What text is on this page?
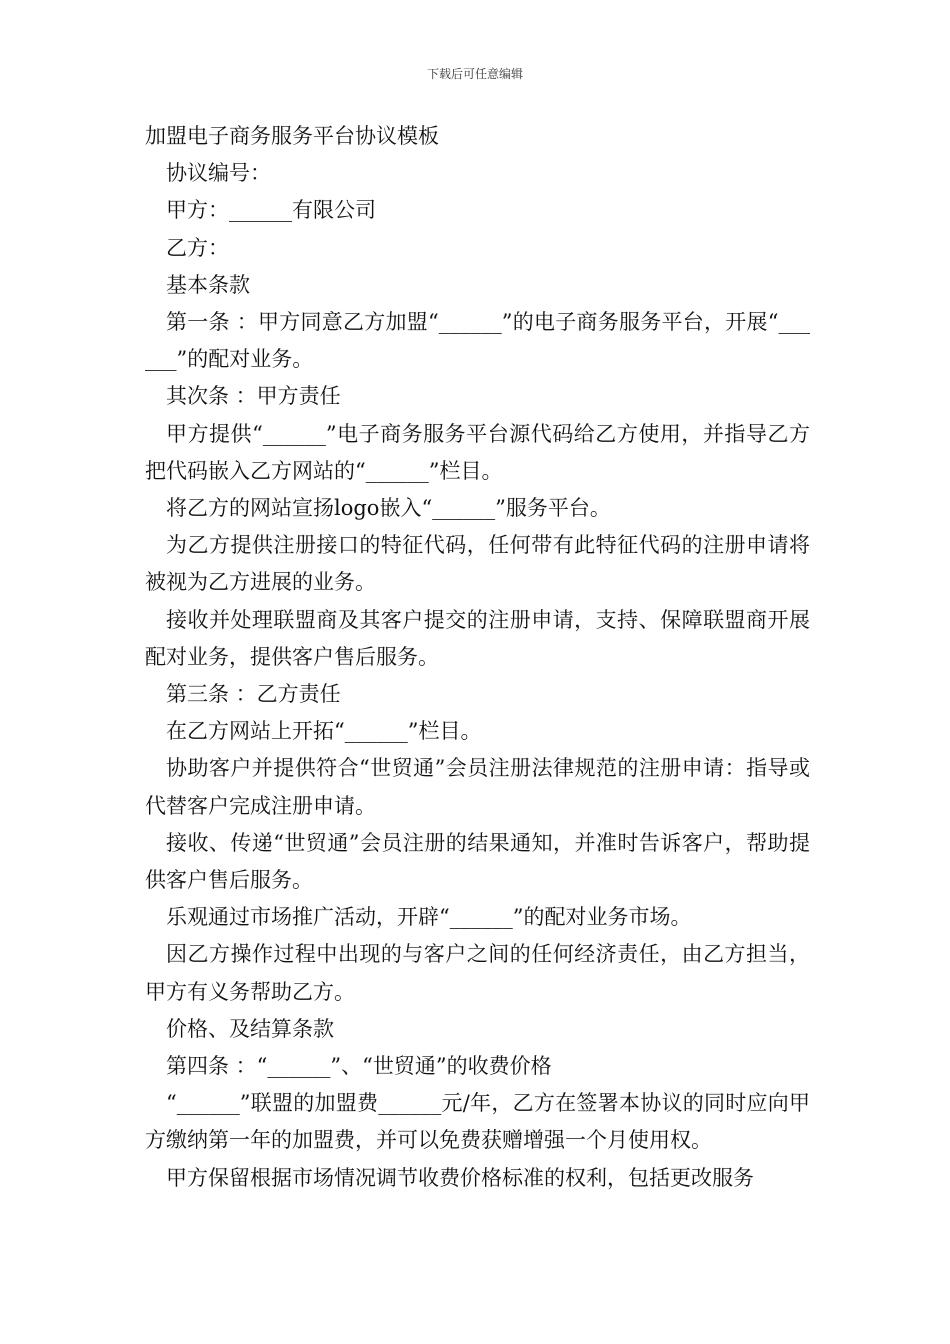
下载后可任意编辑

加盟电子商务服务平台协议模板

协议编号：

甲方：______有限公司

乙方：

基本条款

第一条 ：甲方同意乙方加盟“______”的电子商务服务平台，开展“______”的配对业务。

其次条 ：甲方责任

甲方提供“______”电子商务服务平台源代码给乙方使用，并指导乙方把代码嵌入乙方网站的“______”栏目。

将乙方的网站宣扬logo嵌入“______”服务平台。

为乙方提供注册接口的特征代码，任何带有此特征代码的注册申请将被视为乙方进展的业务。

接收并处理联盟商及其客户提交的注册申请，支持、保障联盟商开展配对业务，提供客户售后服务。

第三条 ：乙方责任

在乙方网站上开拓“______”栏目。

协助客户并提供符合“世贸通”会员注册法律规范的注册申请：指导或代替客户完成注册申请。

接收、传递“世贸通”会员注册的结果通知，并准时告诉客户，帮助提供客户售后服务。

乐观通过市场推广活动，开辟“______”的配对业务市场。

因乙方操作过程中出现的与客户之间的任何经济责任，由乙方担当，甲方有义务帮助乙方。

价格、及结算条款

第四条 ：“______”、“世贸通”的收费价格

“______”联盟的加盟费______元/年，乙方在签署本协议的同时应向甲方缴纳第一年的加盟费，并可以免费获赠增强一个月使用权。

甲方保留根据市场情况调节收费价格标准的权利，包括更改服务
